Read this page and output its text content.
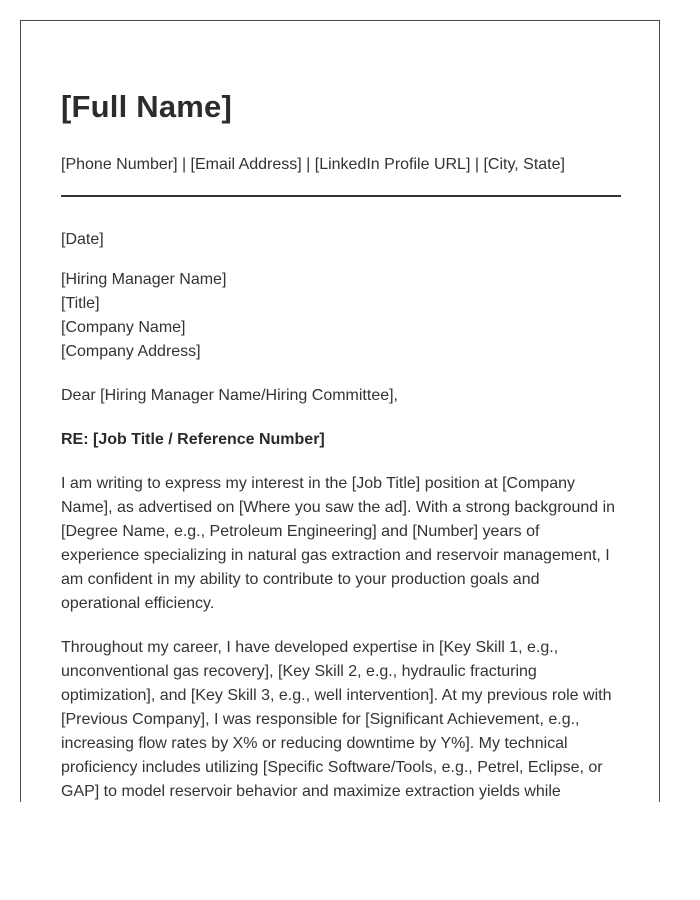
[Full Name]
[Phone Number] | [Email Address] | [LinkedIn Profile URL] | [City, State]
[Date]
[Hiring Manager Name]
[Title]
[Company Name]
[Company Address]
Dear [Hiring Manager Name/Hiring Committee],
RE: [Job Title / Reference Number]

I am writing to express my interest in the [Job Title] position at [Company Name], as advertised on [Where you saw the ad]. With a strong background in [Degree Name, e.g., Petroleum Engineering] and [Number] years of experience specializing in natural gas extraction and reservoir management, I am confident in my ability to contribute to your production goals and operational efficiency.

Throughout my career, I have developed expertise in [Key Skill 1, e.g., unconventional gas recovery], [Key Skill 2, e.g., hydraulic fracturing optimization], and [Key Skill 3, e.g., well intervention]. At my previous role with [Previous Company], I was responsible for [Significant Achievement, e.g., increasing flow rates by X% or reducing downtime by Y%]. My technical proficiency includes utilizing [Specific Software/Tools, e.g., Petrel, Eclipse, or GAP] to model reservoir behavior and maximize extraction yields while
